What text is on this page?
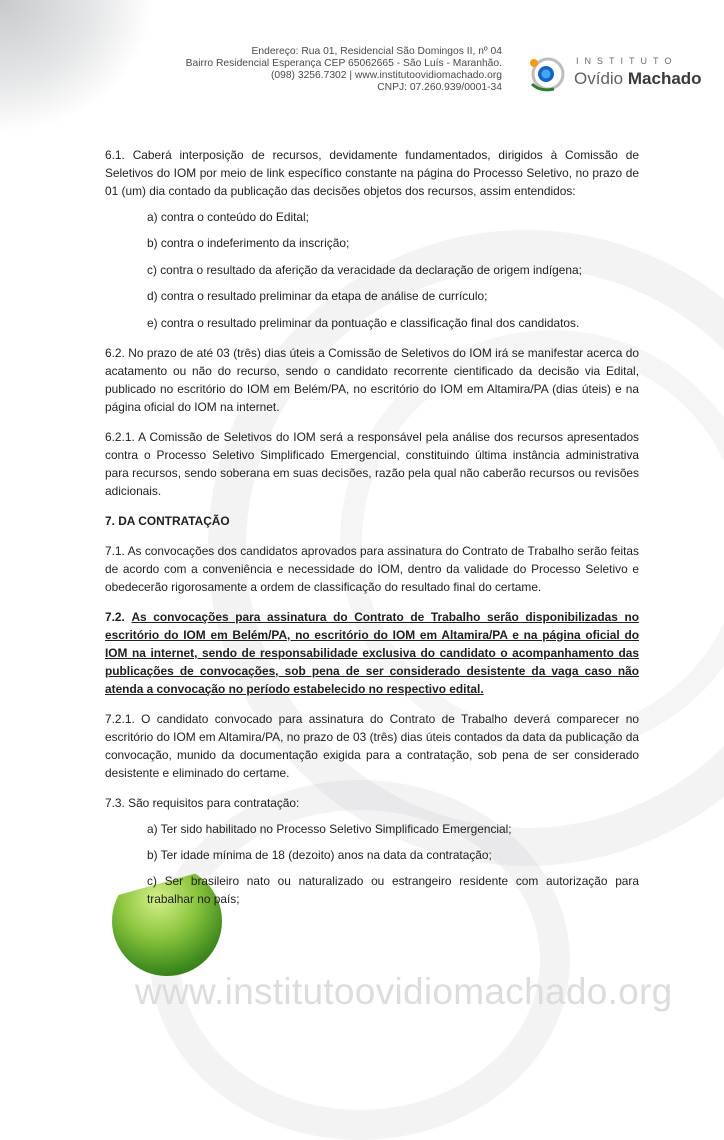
Endereço: Rua 01, Residencial São Domingos II, nº 04
Bairro Residencial Esperança CEP 65062665 - São Luís - Maranhão.
(098) 3256.7302 | www.institutoovidiomachado.org
CNPJ: 07.260.939/0001-34
INSTITUTO
Ovídio Machado

6.1. Caberá interposição de recursos, devidamente fundamentados, dirigidos à Comissão de Seletivos do IOM por meio de link específico constante na página do Processo Seletivo, no prazo de 01 (um) dia contado da publicação das decisões objetos dos recursos, assim entendidos:

a) contra o conteúdo do Edital;
b) contra o indeferimento da inscrição;
c) contra o resultado da aferição da veracidade da declaração de origem indígena;
d) contra o resultado preliminar da etapa de análise de currículo;
e) contra o resultado preliminar da pontuação e classificação final dos candidatos.

6.2. No prazo de até 03 (três) dias úteis a Comissão de Seletivos do IOM irá se manifestar acerca do acatamento ou não do recurso, sendo o candidato recorrente cientificado da decisão via Edital, publicado no escritório do IOM em Belém/PA, no escritório do IOM em Altamira/PA (dias úteis) e na página oficial do IOM na internet.

6.2.1. A Comissão de Seletivos do IOM será a responsável pela análise dos recursos apresentados contra o Processo Seletivo Simplificado Emergencial, constituindo última instância administrativa para recursos, sendo soberana em suas decisões, razão pela qual não caberão recursos ou revisões adicionais.

7. DA CONTRATAÇÃO

7.1. As convocações dos candidatos aprovados para assinatura do Contrato de Trabalho serão feitas de acordo com a conveniência e necessidade do IOM, dentro da validade do Processo Seletivo e obedecerão rigorosamente a ordem de classificação do resultado final do certame.

7.2. As convocações para assinatura do Contrato de Trabalho serão disponibilizadas no escritório do IOM em Belém/PA, no escritório do IOM em Altamira/PA e na página oficial do IOM na internet, sendo de responsabilidade exclusiva do candidato o acompanhamento das publicações de convocações, sob pena de ser considerado desistente da vaga caso não atenda a convocação no período estabelecido no respectivo edital.

7.2.1. O candidato convocado para assinatura do Contrato de Trabalho deverá comparecer no escritório do IOM em Altamira/PA, no prazo de 03 (três) dias úteis contados da data da publicação da convocação, munido da documentação exigida para a contratação, sob pena de ser considerado desistente e eliminado do certame.

7.3. São requisitos para contratação:

a) Ter sido habilitado no Processo Seletivo Simplificado Emergencial;
b) Ter idade mínima de 18 (dezoito) anos na data da contratação;
c) Ser brasileiro nato ou naturalizado ou estrangeiro residente com autorização para trabalhar no país;
www.institutoovidiomachado.org
